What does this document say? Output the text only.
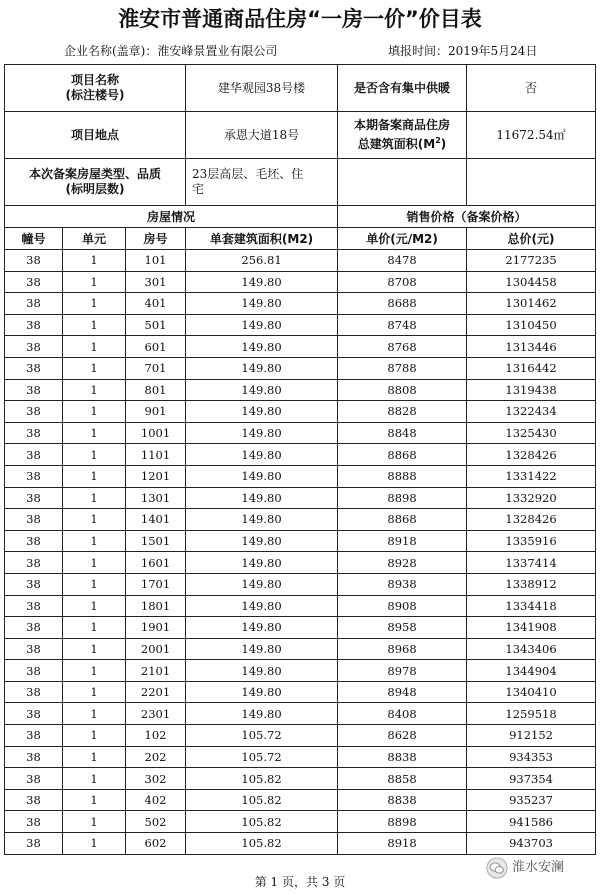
淮安市普通商品住房“一房一价”价目表
企业名称(盖章)：淮安峰景置业有限公司	填报时间：2019年5月24日
项目名称
(标注楼号)			建华观园38号楼	是否含有集中供暖	否
项目地点			承恩大道18号	本期备案商品住房
总建筑面积$(M^2)$	11672.54㎡
本次备案房屋类型、品质
(标明层数)			23层高层、毛坯、住
宅		
房屋情况				销售价格（备案价格）	
幢号	单元	房号	单套建筑面积(M2)	单价(元/M2)	总价(元)
38	1	101	256.81	8478	2177235
38	1	301	149.80	8708	1304458
38	1	401	149.80	8688	1301462
38	1	501	149.80	8748	1310450
38	1	601	149.80	8768	1313446
38	1	701	149.80	8788	1316442
38	1	801	149.80	8808	1319438
38	1	901	149.80	8828	1322434
38	1	1001	149.80	8848	1325430
38	1	1101	149.80	8868	1328426
38	1	1201	149.80	8888	1331422
38	1	1301	149.80	8898	1332920
38	1	1401	149.80	8868	1328426
38	1	1501	149.80	8918	1335916
38	1	1601	149.80	8928	1337414
38	1	1701	149.80	8938	1338912
38	1	1801	149.80	8908	1334418
38	1	1901	149.80	8958	1341908
38	1	2001	149.80	8968	1343406
38	1	2101	149.80	8978	1344904
38	1	2201	149.80	8948	1340410
38	1	2301	149.80	8408	1259518
38	1	102	105.72	8628	912152
38	1	202	105.72	8838	934353
38	1	302	105.82	8858	937354
38	1	402	105.82	8838	935237
38	1	502	105.82	8898	941586
38	1	602	105.82	8918	943703
淮水安澜
第 1 页，共 3 页
